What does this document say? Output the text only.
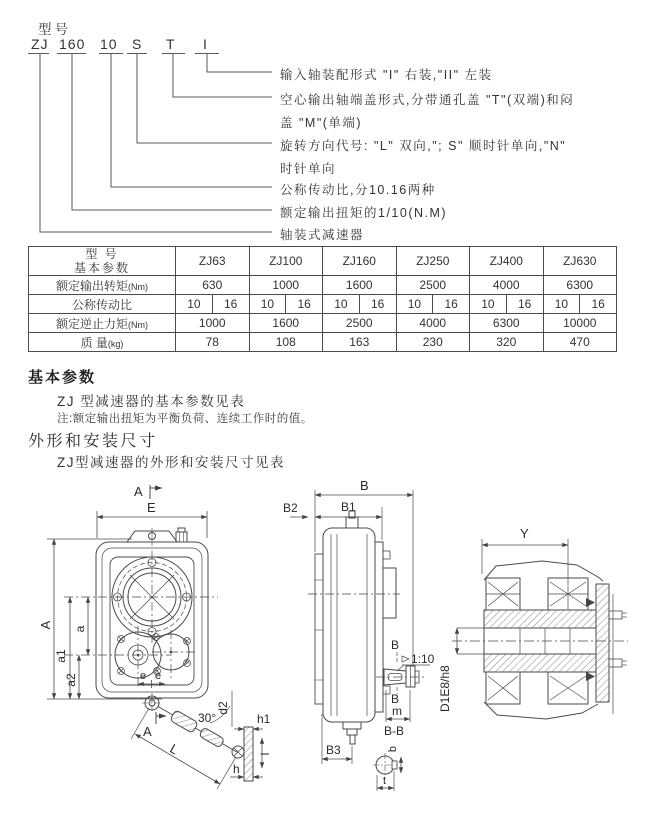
型号
ZJ 160 10 S T I
输入轴装配形式 "I" 右装,"II" 左装
空心输出轴端盖形式,分带通孔盖 "T"(双端)和闷
盖 "M"(单端)
旋转方向代号: "L" 双向,"; S" 顺时针单向,"N"
时针单向
公称传动比,分10.16两种
额定输出扭矩的1/10(N.M)
轴装式减速器
型 号
基本参数	ZJ63	ZJ100	ZJ160	ZJ250	ZJ400	ZJ630
额定输出转矩(Nm)	630	1000	1600	2500	4000	6300
公称传动比	10 16	10 16	10 16	10 16	10 16	10 16

额定逆止力矩(Nm)	1000	1600	2500	4000	6300	10000
质 量(kg)	78	108	163	230	320	470
基本参数
ZJ 型减速器的基本参数见表
注:额定输出扭矩为平衡负荷、连续工作时的值。
外形和安装尺寸
ZJ型减速器的外形和安装尺寸见表
A
E
e e
A a
a1
a2
A
d2
30°	h1
l
h
L
B
B1
B2
B
1:10
B
m
B-B
B3	b
t
Y
D1E8/h8
